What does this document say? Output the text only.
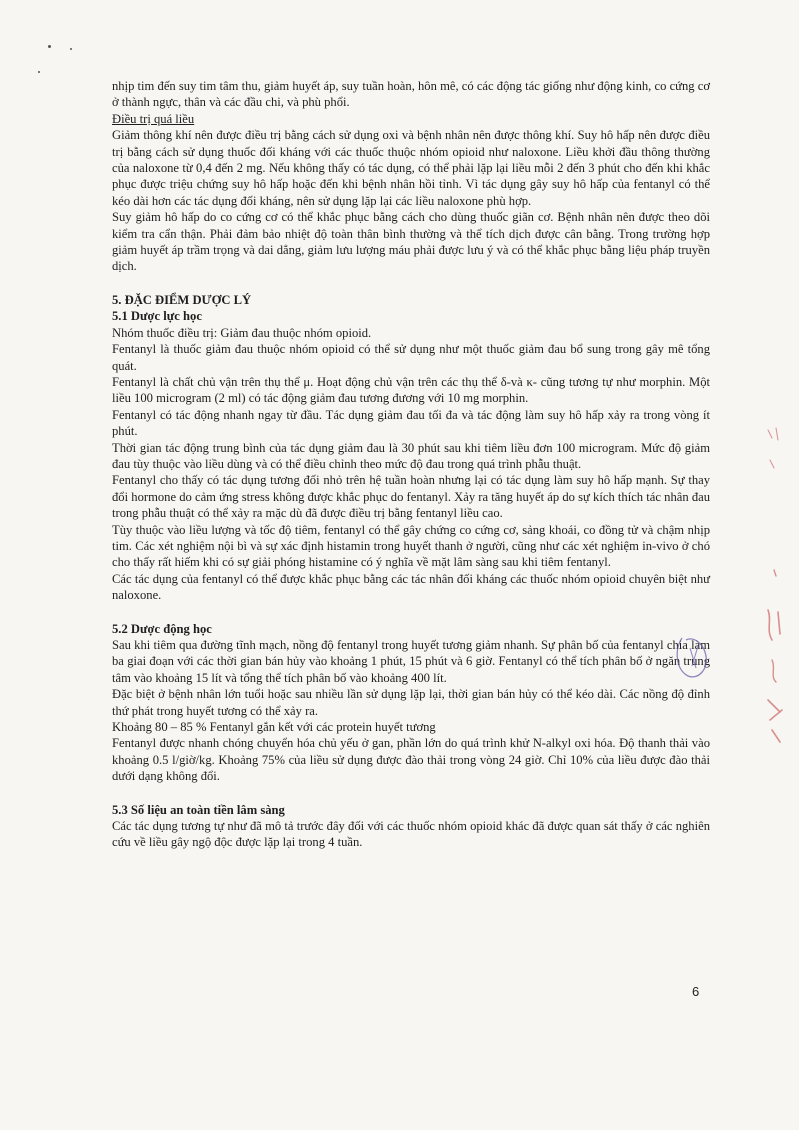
nhịp tim đến suy tim tâm thu, giảm huyết áp, suy tuần hoàn, hôn mê, có các động tác giống như động kinh, co cứng cơ ở thành ngực, thân và các đầu chi, và phù phổi.

Điều trị quá liều

Giảm thông khí nên được điều trị bằng cách sử dụng oxi và bệnh nhân nên được thông khí. Suy hô hấp nên được điều trị bằng cách sử dụng thuốc đối kháng với các thuốc thuộc nhóm opioid như naloxone. Liều khởi đầu thông thường của naloxone từ 0,4 đến 2 mg. Nếu không thấy có tác dụng, có thể phải lặp lại liều mỗi 2 đến 3 phút cho đến khi khắc phục được triệu chứng suy hô hấp hoặc đến khi bệnh nhân hồi tỉnh. Vì tác dụng gây suy hô hấp của fentanyl có thể kéo dài hơn các tác dụng đối kháng, nên sử dụng lặp lại các liều naloxone phù hợp.

Suy giảm hô hấp do co cứng cơ có thể khắc phục bằng cách cho dùng thuốc giãn cơ. Bệnh nhân nên được theo dõi kiểm tra cẩn thận. Phải đảm bảo nhiệt độ toàn thân bình thường và thể tích dịch được cân bằng. Trong trường hợp giảm huyết áp trầm trọng và dai dẳng, giảm lưu lượng máu phải được lưu ý và có thể khắc phục bằng liệu pháp truyền dịch.

5. ĐẶC ĐIỂM DƯỢC LÝ

5.1 Dược lực học

Nhóm thuốc điều trị: Giảm đau thuộc nhóm opioid.

Fentanyl là thuốc giảm đau thuộc nhóm opioid có thể sử dụng như một thuốc giảm đau bổ sung trong gây mê tổng quát.

Fentanyl là chất chủ vận trên thụ thể μ. Hoạt động chủ vận trên các thụ thể δ-và κ- cũng tương tự như morphin. Một liều 100 microgram (2 ml) có tác động giảm đau tương đương với 10 mg morphin.

Fentanyl có tác động nhanh ngay từ đầu. Tác dụng giảm đau tối đa và tác động làm suy hô hấp xảy ra trong vòng ít phút.

Thời gian tác động trung bình của tác dụng giảm đau là 30 phút sau khi tiêm liều đơn 100 microgram. Mức độ giảm đau tùy thuộc vào liều dùng và có thể điều chỉnh theo mức độ đau trong quá trình phẫu thuật.

Fentanyl cho thấy có tác dụng tương đối nhỏ trên hệ tuần hoàn nhưng lại có tác dụng làm suy hô hấp mạnh. Sự thay đổi hormone do cảm ứng stress không được khắc phục do fentanyl. Xảy ra tăng huyết áp do sự kích thích tác nhân đau trong phẫu thuật có thể xảy ra mặc dù đã được điều trị bằng fentanyl liều cao.

Tùy thuộc vào liều lượng và tốc độ tiêm, fentanyl có thể gây chứng co cứng cơ, sảng khoái, co đồng tử và chậm nhịp tim. Các xét nghiệm nội bì và sự xác định histamin trong huyết thanh ở người, cũng như các xét nghiệm in-vivo ở chó cho thấy rất hiếm khi có sự giải phóng histamine có ý nghĩa về mặt lâm sàng sau khi tiêm fentanyl.

Các tác dụng của fentanyl có thể được khắc phục bằng các tác nhân đối kháng các thuốc nhóm opioid chuyên biệt như naloxone.

5.2 Dược động học

Sau khi tiêm qua đường tĩnh mạch, nồng độ fentanyl trong huyết tương giảm nhanh. Sự phân bố của fentanyl chia làm ba giai đoạn với các thời gian bán hủy vào khoảng 1 phút, 15 phút và 6 giờ. Fentanyl có thể tích phân bố ở ngăn trung tâm vào khoảng 15 lít và tổng thể tích phân bố vào khoảng 400 lít.

Đặc biệt ở bệnh nhân lớn tuổi hoặc sau nhiều lần sử dụng lặp lại, thời gian bán hủy có thể kéo dài. Các nồng độ đỉnh thứ phát trong huyết tương có thể xảy ra.

Khoảng 80 – 85 % Fentanyl gắn kết với các protein huyết tương

Fentanyl được nhanh chóng chuyển hóa chủ yếu ở gan, phần lớn do quá trình khử N-alkyl oxi hóa. Độ thanh thải vào khoảng 0.5 l/giờ/kg. Khoảng 75% của liều sử dụng được đào thải trong vòng 24 giờ. Chỉ 10% của liều được đào thải dưới dạng không đổi.

5.3 Số liệu an toàn tiền lâm sàng

Các tác dụng tương tự như đã mô tả trước đây đối với các thuốc nhóm opioid khác đã được quan sát thấy ở các nghiên cứu về liều gây ngộ độc được lặp lại trong 4 tuần.

6
